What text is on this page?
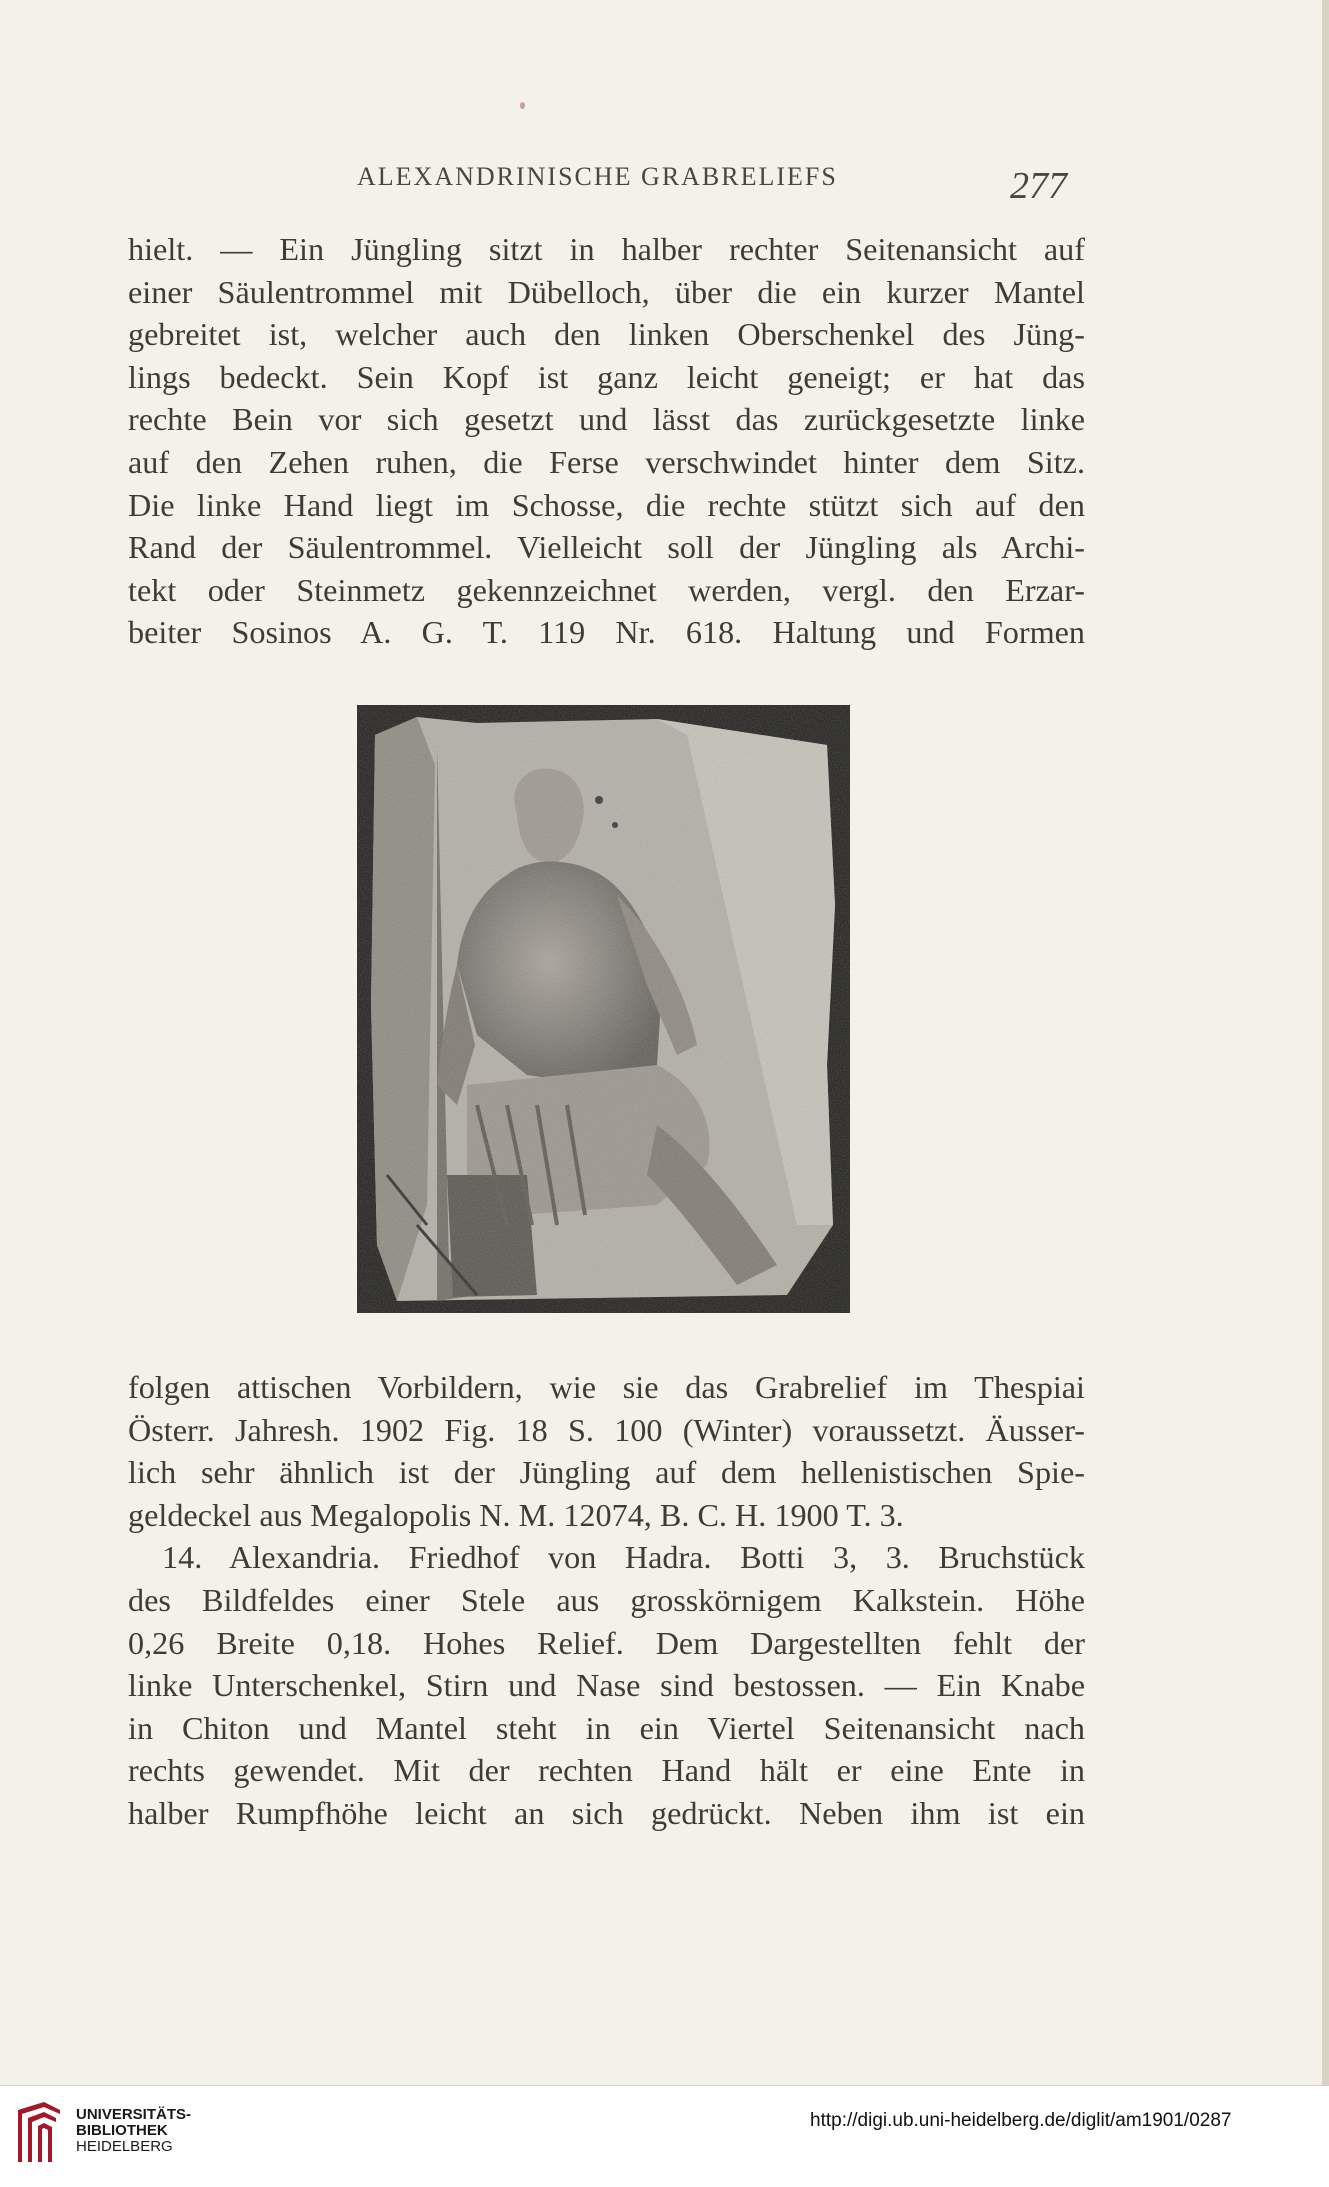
ALEXANDRINISCHE GRABRELIEFS	277
hielt. — Ein Jüngling sitzt in halber rechter Seitenansicht auf
einer Säulentrommel mit Dübelloch, über die ein kurzer Mantel
gebreitet ist, welcher auch den linken Oberschenkel des Jüng-
lings bedeckt. Sein Kopf ist ganz leicht geneigt; er hat das
rechte Bein vor sich gesetzt und lässt das zurückgesetzte linke
auf den Zehen ruhen, die Ferse verschwindet hinter dem Sitz.
Die linke Hand liegt im Schosse, die rechte stützt sich auf den
Rand der Säulentrommel. Vielleicht soll der Jüngling als Archi-
tekt oder Steinmetz gekennzeichnet werden, vergl. den Erzar-
beiter Sosinos A. G. T. 119 Nr. 618. Haltung und Formen
folgen attischen Vorbildern, wie sie das Grabrelief im Thespiai
Österr. Jahresh. 1902 Fig. 18 S. 100 (Winter) voraussetzt. Äusser-
lich sehr ähnlich ist der Jüngling auf dem hellenistischen Spie-
geldeckel aus Megalopolis N. M. 12074, B. C. H. 1900 T. 3.
14. Alexandria. Friedhof von Hadra. Botti 3, 3. Bruchstück
des Bildfeldes einer Stele aus grosskörnigem Kalkstein. Höhe
0,26 Breite 0,18. Hohes Relief. Dem Dargestellten fehlt der
linke Unterschenkel, Stirn und Nase sind bestossen. — Ein Knabe
in Chiton und Mantel steht in ein Viertel Seitenansicht nach
rechts gewendet. Mit der rechten Hand hält er eine Ente in
halber Rumpfhöhe leicht an sich gedrückt. Neben ihm ist ein
UNIVERSITÄTS-
BIBLIOTHEK
HEIDELBERG
http://digi.ub.uni-heidelberg.de/diglit/am1901/0287
